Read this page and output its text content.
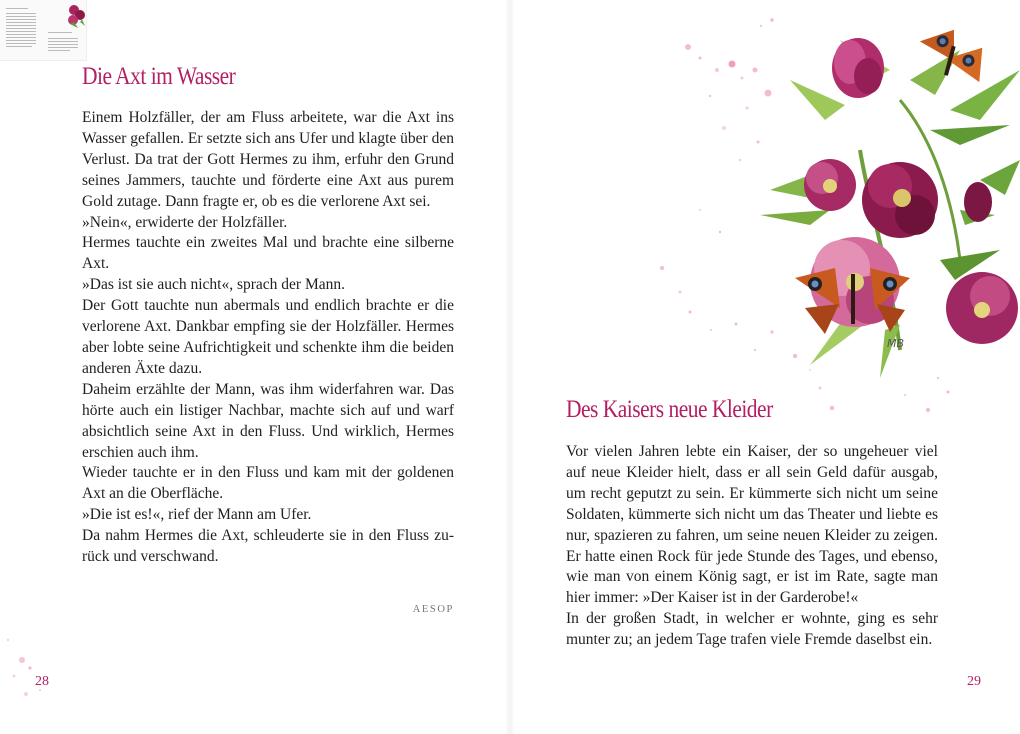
Die Axt im Wasser

Einem Holzfäller, der am Fluss arbeitete, war die Axt ins Wasser gefallen. Er setzte sich ans Ufer und klagte über den Verlust. Da trat der Gott Hermes zu ihm, erfuhr den Grund seines Jammers, tauchte und förderte eine Axt aus purem Gold zutage. Dann fragte er, ob es die verlorene Axt sei.

»Nein«, erwiderte der Holzfäller.

Hermes tauchte ein zweites Mal und brachte eine silberne Axt.

»Das ist sie auch nicht«, sprach der Mann.

Der Gott tauchte nun abermals und endlich brachte er die verlorene Axt. Dankbar empfing sie der Holzfäller. Hermes aber lobte seine Aufrichtigkeit und schenkte ihm die beiden anderen Äxte dazu.

Daheim erzählte der Mann, was ihm widerfahren war. Das hörte auch ein listiger Nachbar, machte sich auf und warf absichtlich seine Axt in den Fluss. Und wirklich, Hermes erschien auch ihm.

Wieder tauchte er in den Fluss und kam mit der goldenen Axt an die Oberfläche.

»Die ist es!«, rief der Mann am Ufer.

Da nahm Hermes die Axt, schleuderte sie in den Fluss zurück und verschwand.

AESOP
28
MB
Des Kaisers neue Kleider

Vor vielen Jahren lebte ein Kaiser, der so ungeheuer viel auf neue Kleider hielt, dass er all sein Geld dafür ausgab, um recht geputzt zu sein. Er kümmerte sich nicht um seine Soldaten, kümmerte sich nicht um das Theater und liebte es nur, spazieren zu fahren, um seine neuen Kleider zu zeigen. Er hatte einen Rock für jede Stunde des Tages, und ebenso, wie man von einem König sagt, er ist im Rate, sagte man hier immer: »Der Kaiser ist in der Garderobe!«

In der großen Stadt, in welcher er wohnte, ging es sehr munter zu; an jedem Tage trafen viele Fremde daselbst ein.

29
